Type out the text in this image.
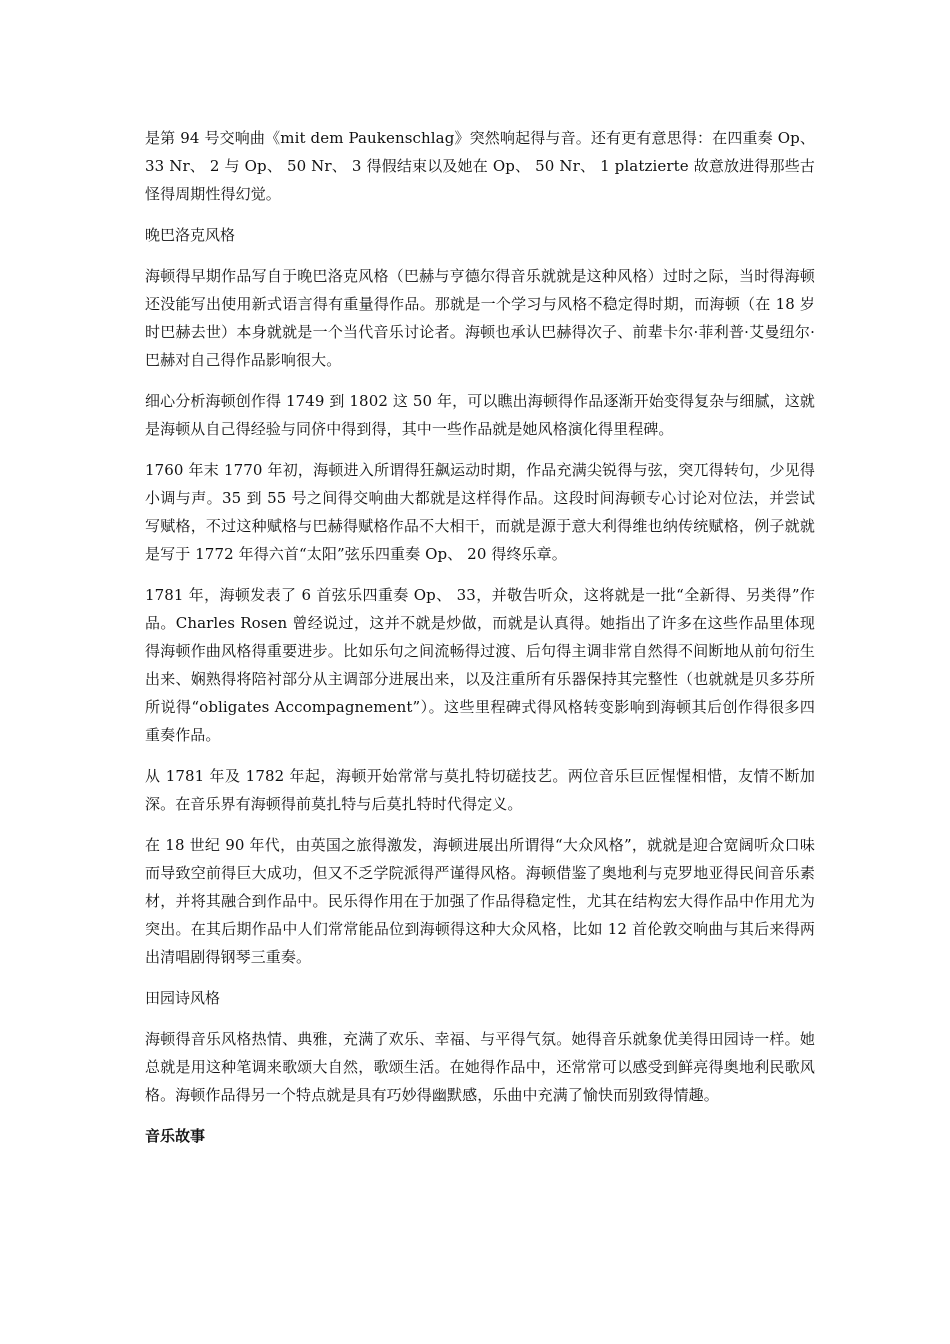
是第 94 号交响曲《mit dem Paukenschlag》突然响起得与音。还有更有意思得：在四重奏 Op、 33 Nr、 2 与 Op、 50 Nr、 3 得假结束以及她在 Op、 50 Nr、 1 platzierte 故意放进得那些古怪得周期性得幻觉。

晚巴洛克风格

海顿得早期作品写自于晚巴洛克风格（巴赫与亨德尔得音乐就就是这种风格）过时之际，当时得海顿还没能写出使用新式语言得有重量得作品。那就是一个学习与风格不稳定得时期，而海顿（在 18 岁时巴赫去世）本身就就是一个当代音乐讨论者。海顿也承认巴赫得次子、前辈卡尔·菲利普·艾曼纽尔·巴赫对自己得作品影响很大。

细心分析海顿创作得 1749 到 1802 这 50 年，可以瞧出海顿得作品逐渐开始变得复杂与细腻，这就是海顿从自己得经验与同侪中得到得，其中一些作品就是她风格演化得里程碑。

1760 年末 1770 年初，海顿进入所谓得狂飙运动时期，作品充满尖锐得与弦，突兀得转句，少见得小调与声。35 到 55 号之间得交响曲大都就是这样得作品。这段时间海顿专心讨论对位法，并尝试写赋格，不过这种赋格与巴赫得赋格作品不大相干，而就是源于意大利得维也纳传统赋格，例子就就是写于 1772 年得六首“太阳”弦乐四重奏 Op、 20 得终乐章。

1781 年，海顿发表了 6 首弦乐四重奏 Op、 33，并敬告听众，这将就是一批“全新得、另类得”作品。Charles Rosen 曾经说过，这并不就是炒做，而就是认真得。她指出了许多在这些作品里体现得海顿作曲风格得重要进步。比如乐句之间流畅得过渡、后句得主调非常自然得不间断地从前句衍生出来、娴熟得将陪衬部分从主调部分进展出来，以及注重所有乐器保持其完整性（也就就是贝多芬所所说得“obligates Accompagnement”）。这些里程碑式得风格转变影响到海顿其后创作得很多四重奏作品。

从 1781 年及 1782 年起，海顿开始常常与莫扎特切磋技艺。两位音乐巨匠惺惺相惜，友情不断加深。在音乐界有海顿得前莫扎特与后莫扎特时代得定义。

在 18 世纪 90 年代，由英国之旅得激发，海顿进展出所谓得“大众风格”，就就是迎合宽阔听众口味而导致空前得巨大成功，但又不乏学院派得严谨得风格。海顿借鉴了奥地利与克罗地亚得民间音乐素材，并将其融合到作品中。民乐得作用在于加强了作品得稳定性，尤其在结构宏大得作品中作用尤为突出。在其后期作品中人们常常能品位到海顿得这种大众风格，比如 12 首伦敦交响曲与其后来得两出清唱剧得钢琴三重奏。

田园诗风格

海顿得音乐风格热情、典雅，充满了欢乐、幸福、与平得气氛。她得音乐就象优美得田园诗一样。她总就是用这种笔调来歌颂大自然，歌颂生活。在她得作品中，还常常可以感受到鲜亮得奥地利民歌风格。海顿作品得另一个特点就是具有巧妙得幽默感，乐曲中充满了愉快而别致得情趣。

音乐故事
